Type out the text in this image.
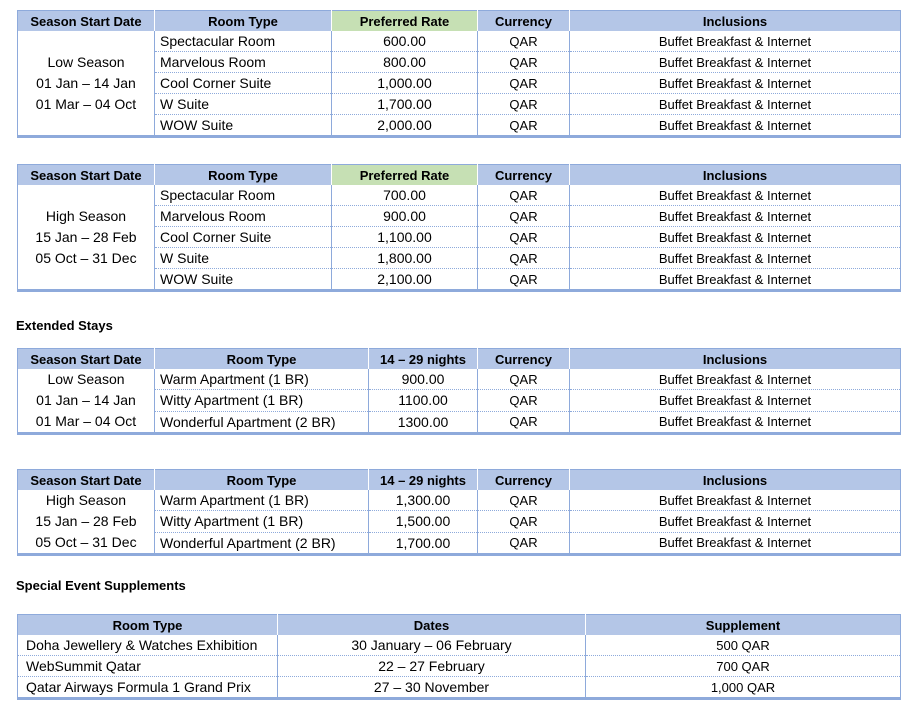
Season Start Date	Room Type	Preferred Rate	Currency	Inclusions

Low Season
01 Jan – 14 Jan
01 Mar – 04 Oct	Spectacular Room	600.00	QAR	Buffet Breakfast & Internet
	Marvelous Room	800.00	QAR	Buffet Breakfast & Internet
	Cool Corner Suite	1,000.00	QAR	Buffet Breakfast & Internet
	W Suite	1,700.00	QAR	Buffet Breakfast & Internet
	WOW Suite	2,000.00	QAR	Buffet Breakfast & Internet
Season Start Date	Room Type	Preferred Rate	Currency	Inclusions

High Season
15 Jan – 28 Feb
05 Oct – 31 Dec	Spectacular Room	700.00	QAR	Buffet Breakfast & Internet
	Marvelous Room	900.00	QAR	Buffet Breakfast & Internet
	Cool Corner Suite	1,100.00	QAR	Buffet Breakfast & Internet
	W Suite	1,800.00	QAR	Buffet Breakfast & Internet
	WOW Suite	2,100.00	QAR	Buffet Breakfast & Internet
Extended Stays
Season Start Date	Room Type	14 – 29 nights	Currency	Inclusions

Low Season
01 Jan – 14 Jan
01 Mar – 04 Oct	Warm Apartment (1 BR)	900.00	QAR	Buffet Breakfast & Internet
	Witty Apartment (1 BR)	1100.00	QAR	Buffet Breakfast & Internet
	Wonderful Apartment (2 BR)	1300.00	QAR	Buffet Breakfast & Internet
Season Start Date	Room Type	14 – 29 nights	Currency	Inclusions

High Season
15 Jan – 28 Feb
05 Oct – 31 Dec	Warm Apartment (1 BR)	1,300.00	QAR	Buffet Breakfast & Internet
	Witty Apartment (1 BR)	1,500.00	QAR	Buffet Breakfast & Internet
	Wonderful Apartment (2 BR)	1,700.00	QAR	Buffet Breakfast & Internet
Special Event Supplements
Room Type	Dates	Supplement
Doha Jewellery & Watches Exhibition	30 January – 06 February	500 QAR
WebSummit Qatar	22 – 27 February	700 QAR
Qatar Airways Formula 1 Grand Prix	27 – 30 November	1,000 QAR
